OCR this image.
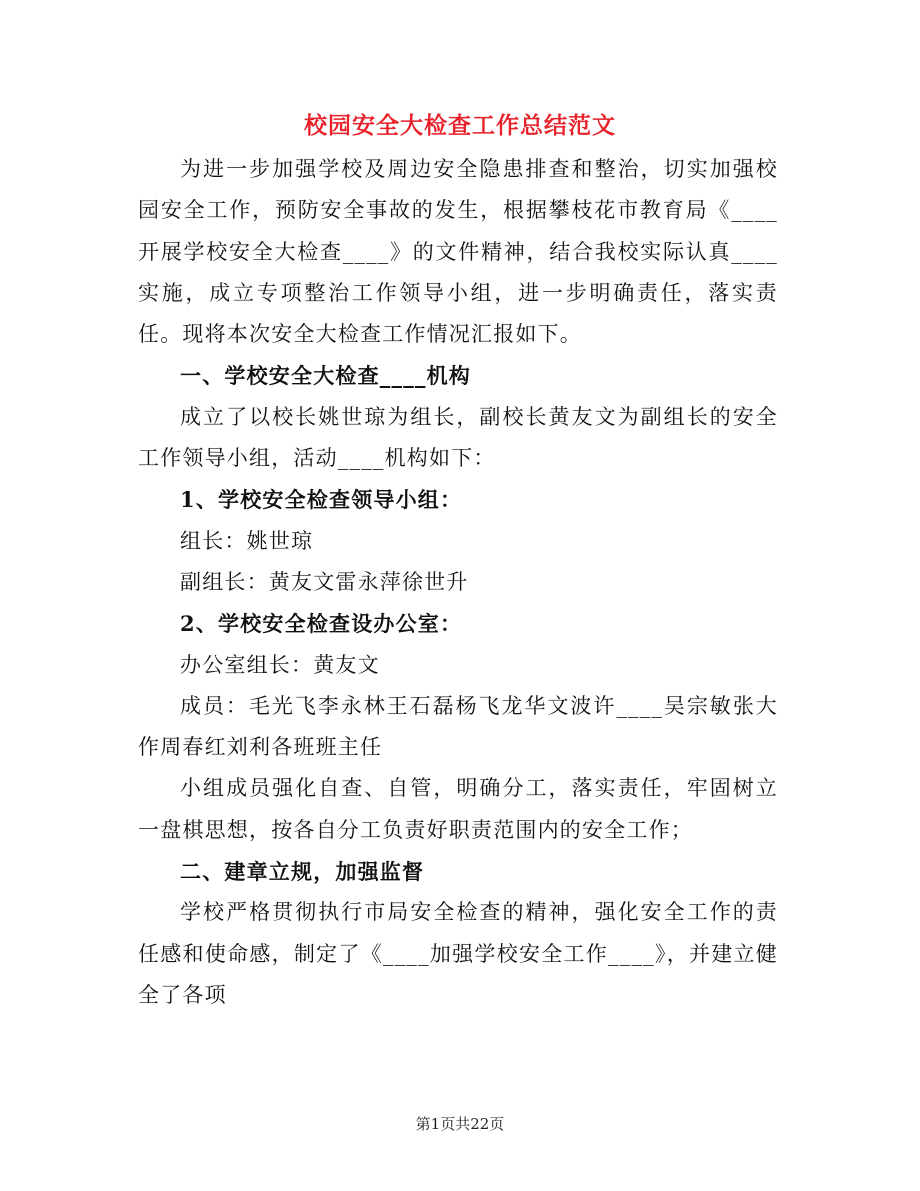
校园安全大检查工作总结范文

为进一步加强学校及周边安全隐患排查和整治，切实加强校园安全工作，预防安全事故的发生，根据攀枝花市教育局《____开展学校安全大检查____》的文件精神，结合我校实际认真____实施，成立专项整治工作领导小组，进一步明确责任，落实责任。现将本次安全大检查工作情况汇报如下。

一、学校安全大检查____机构

成立了以校长姚世琼为组长，副校长黄友文为副组长的安全工作领导小组，活动____机构如下：

1、学校安全检查领导小组：

组长：姚世琼

副组长：黄友文雷永萍徐世升

2、学校安全检查设办公室：

办公室组长：黄友文

成员：毛光飞李永林王石磊杨飞龙华文波许____吴宗敏张大作周春红刘利各班班主任

小组成员强化自查、自管，明确分工，落实责任，牢固树立一盘棋思想，按各自分工负责好职责范围内的安全工作；

二、建章立规，加强监督

学校严格贯彻执行市局安全检查的精神，强化安全工作的责任感和使命感，制定了《____加强学校安全工作____》，并建立健全了各项

第1页共22页
